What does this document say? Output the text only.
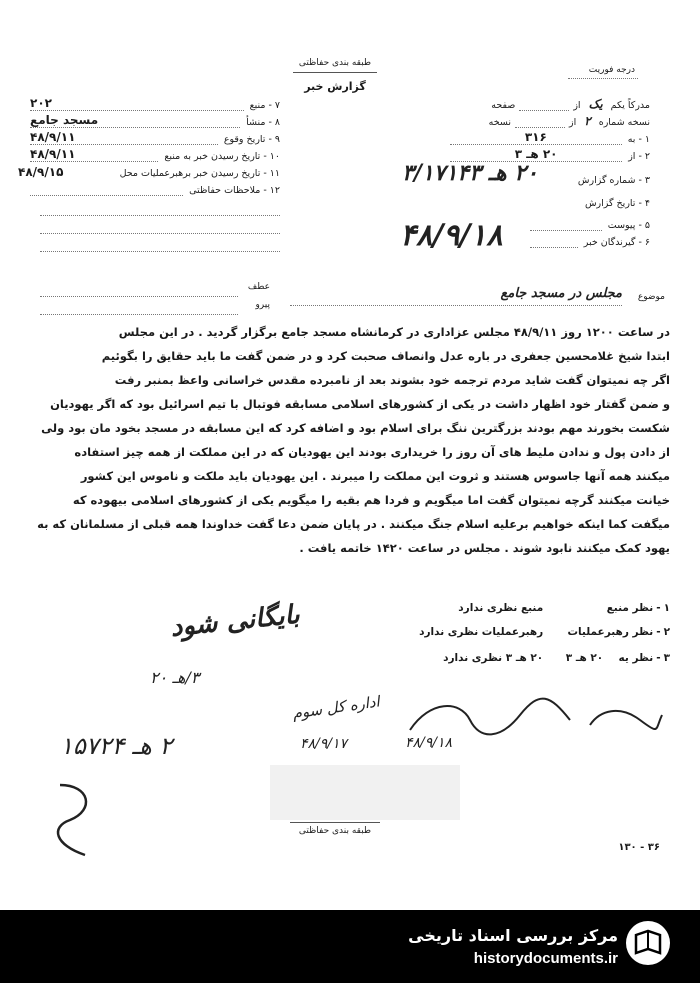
طبقه بندی حفاظتی
گزارش خبر
درجه فوریت
۷
-
منبع
۲۰۲
۸
-
منشأ
مسجد جامع
۹
-
تاریخ وقوع
۴۸/۹/۱۱
۱۰
-
تاریخ رسیدن خبر به منبع
۴۸/۹/۱۱
۱۱
-
تاریخ رسیدن خبر برهبرعملیات محل
۴۸/۹/۱۵
۱۲
-
ملاحظات حفاظتی
مدرکاً یکم
یک
از
صفحه
نسخه شماره
۲
از
نسخه
۱
-
به
۳۱۶
۲
-
از
۲۰ هـ ۳
۳
-
شماره گزارش
۲۰ هـ ۳/۱۷۱۴۳
۴
-
تاریخ گزارش
۵
-
پیوست
۶
-
گیرندگان خبر
۴۸/۹/۱۸
عطف
پیرو
موضوع
مجلس در مسجد جامع
در ساعت ۱۲۰۰ روز ۴۸/۹/۱۱ مجلس عزاداری در کرمانشاه مسجد جامع برگزار گردید . در این مجلس
ابتدا شیخ غلامحسین جعفری در باره عدل وانصاف صحبت کرد و در ضمن گفت ما باید حقایق را بگوئیم
اگر چه نمیتوان گفت شاید مردم ترجمه خود بشوند بعد از نامبرده مقدس خراسانی واعظ بمنبر رفت
و ضمن گفتار خود اظهار داشت در یکی از کشورهای اسلامی مسابقه فوتبال با تیم اسرائیل بود که اگر یهودیان
شکست بخورند مهم بودند بزرگترین ننگ برای اسلام بود و اضافه کرد که این مسابقه در مسجد بخود مان بود ولی
از دادن پول و ندادن ملیط های آن روز را خریداری بودند این یهودیان که در این مملکت از همه چیز استفاده
میکنند همه آنها جاسوس هستند و ثروت این مملکت را میبرند . این یهودیان باید ملکت و ناموس این کشور
خیانت میکنند گرچه نمیتوان گفت اما میگویم و فردا هم بقیه را میگویم یکی از کشورهای اسلامی بیهوده که
میگفت کما اینکه خواهیم برعلیه اسلام جنگ میکنند . در پایان ضمن دعا گفت خداوندا همه قبلی از مسلمانان که به
یهود کمک میکنند نابود شوند . مجلس در ساعت ۱۴۲۰ خاتمه یافت .
۱
-
نظر منبع
منبع نظری ندارد
۲
-
نظر رهبرعملیات
رهبرعملیات نظری ندارد
۳
-
نظر یه
۲۰ هـ ۳
۲۰ هـ ۳ نظری ندارد
بایگانی شود
۳/هـ ۲۰
اداره کل سوم
۴۸/۹/۱۷	۴۸/۹/۱۸
۲ هـ ۱۵۷۲۴
طبقه بندی حفاظتی
۳۶ - ۱۳۰
مرکز بررسی اسناد تاریخی
historydocuments.ir
